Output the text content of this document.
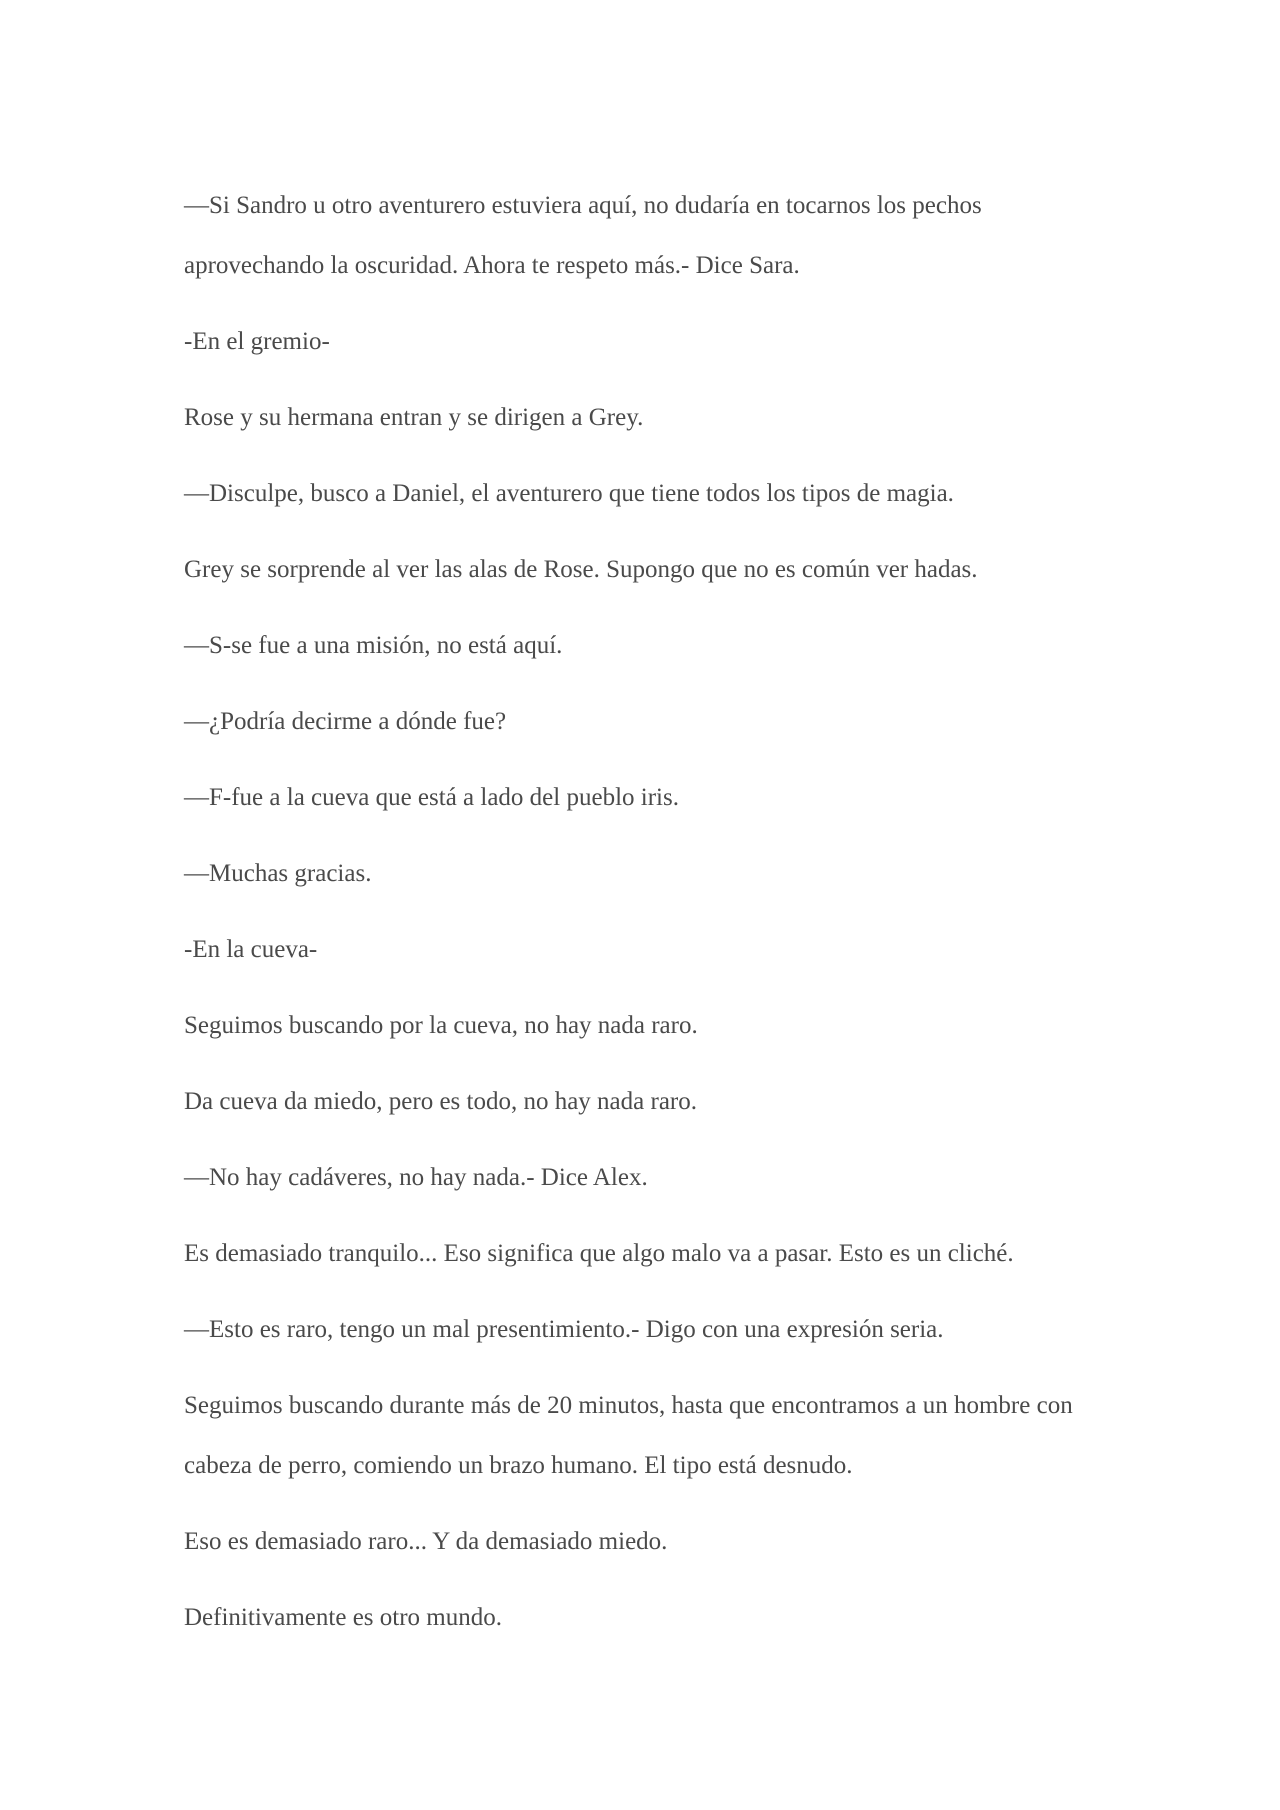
—Si Sandro u otro aventurero estuviera aquí, no dudaría en tocarnos los pechos aprovechando la oscuridad. Ahora te respeto más.- Dice Sara.

-En el gremio-

Rose y su hermana entran y se dirigen a Grey.

—Disculpe, busco a Daniel, el aventurero que tiene todos los tipos de magia.

Grey se sorprende al ver las alas de Rose. Supongo que no es común ver hadas.

—S-se fue a una misión, no está aquí.

—¿Podría decirme a dónde fue?

—F-fue a la cueva que está a lado del pueblo iris.

—Muchas gracias.

-En la cueva-

Seguimos buscando por la cueva, no hay nada raro.

Da cueva da miedo, pero es todo, no hay nada raro.

—No hay cadáveres, no hay nada.- Dice Alex.

Es demasiado tranquilo... Eso significa que algo malo va a pasar. Esto es un cliché.

—Esto es raro, tengo un mal presentimiento.- Digo con una expresión seria.

Seguimos buscando durante más de 20 minutos, hasta que encontramos a un hombre con cabeza de perro, comiendo un brazo humano. El tipo está desnudo.

Eso es demasiado raro... Y da demasiado miedo.

Definitivamente es otro mundo.
